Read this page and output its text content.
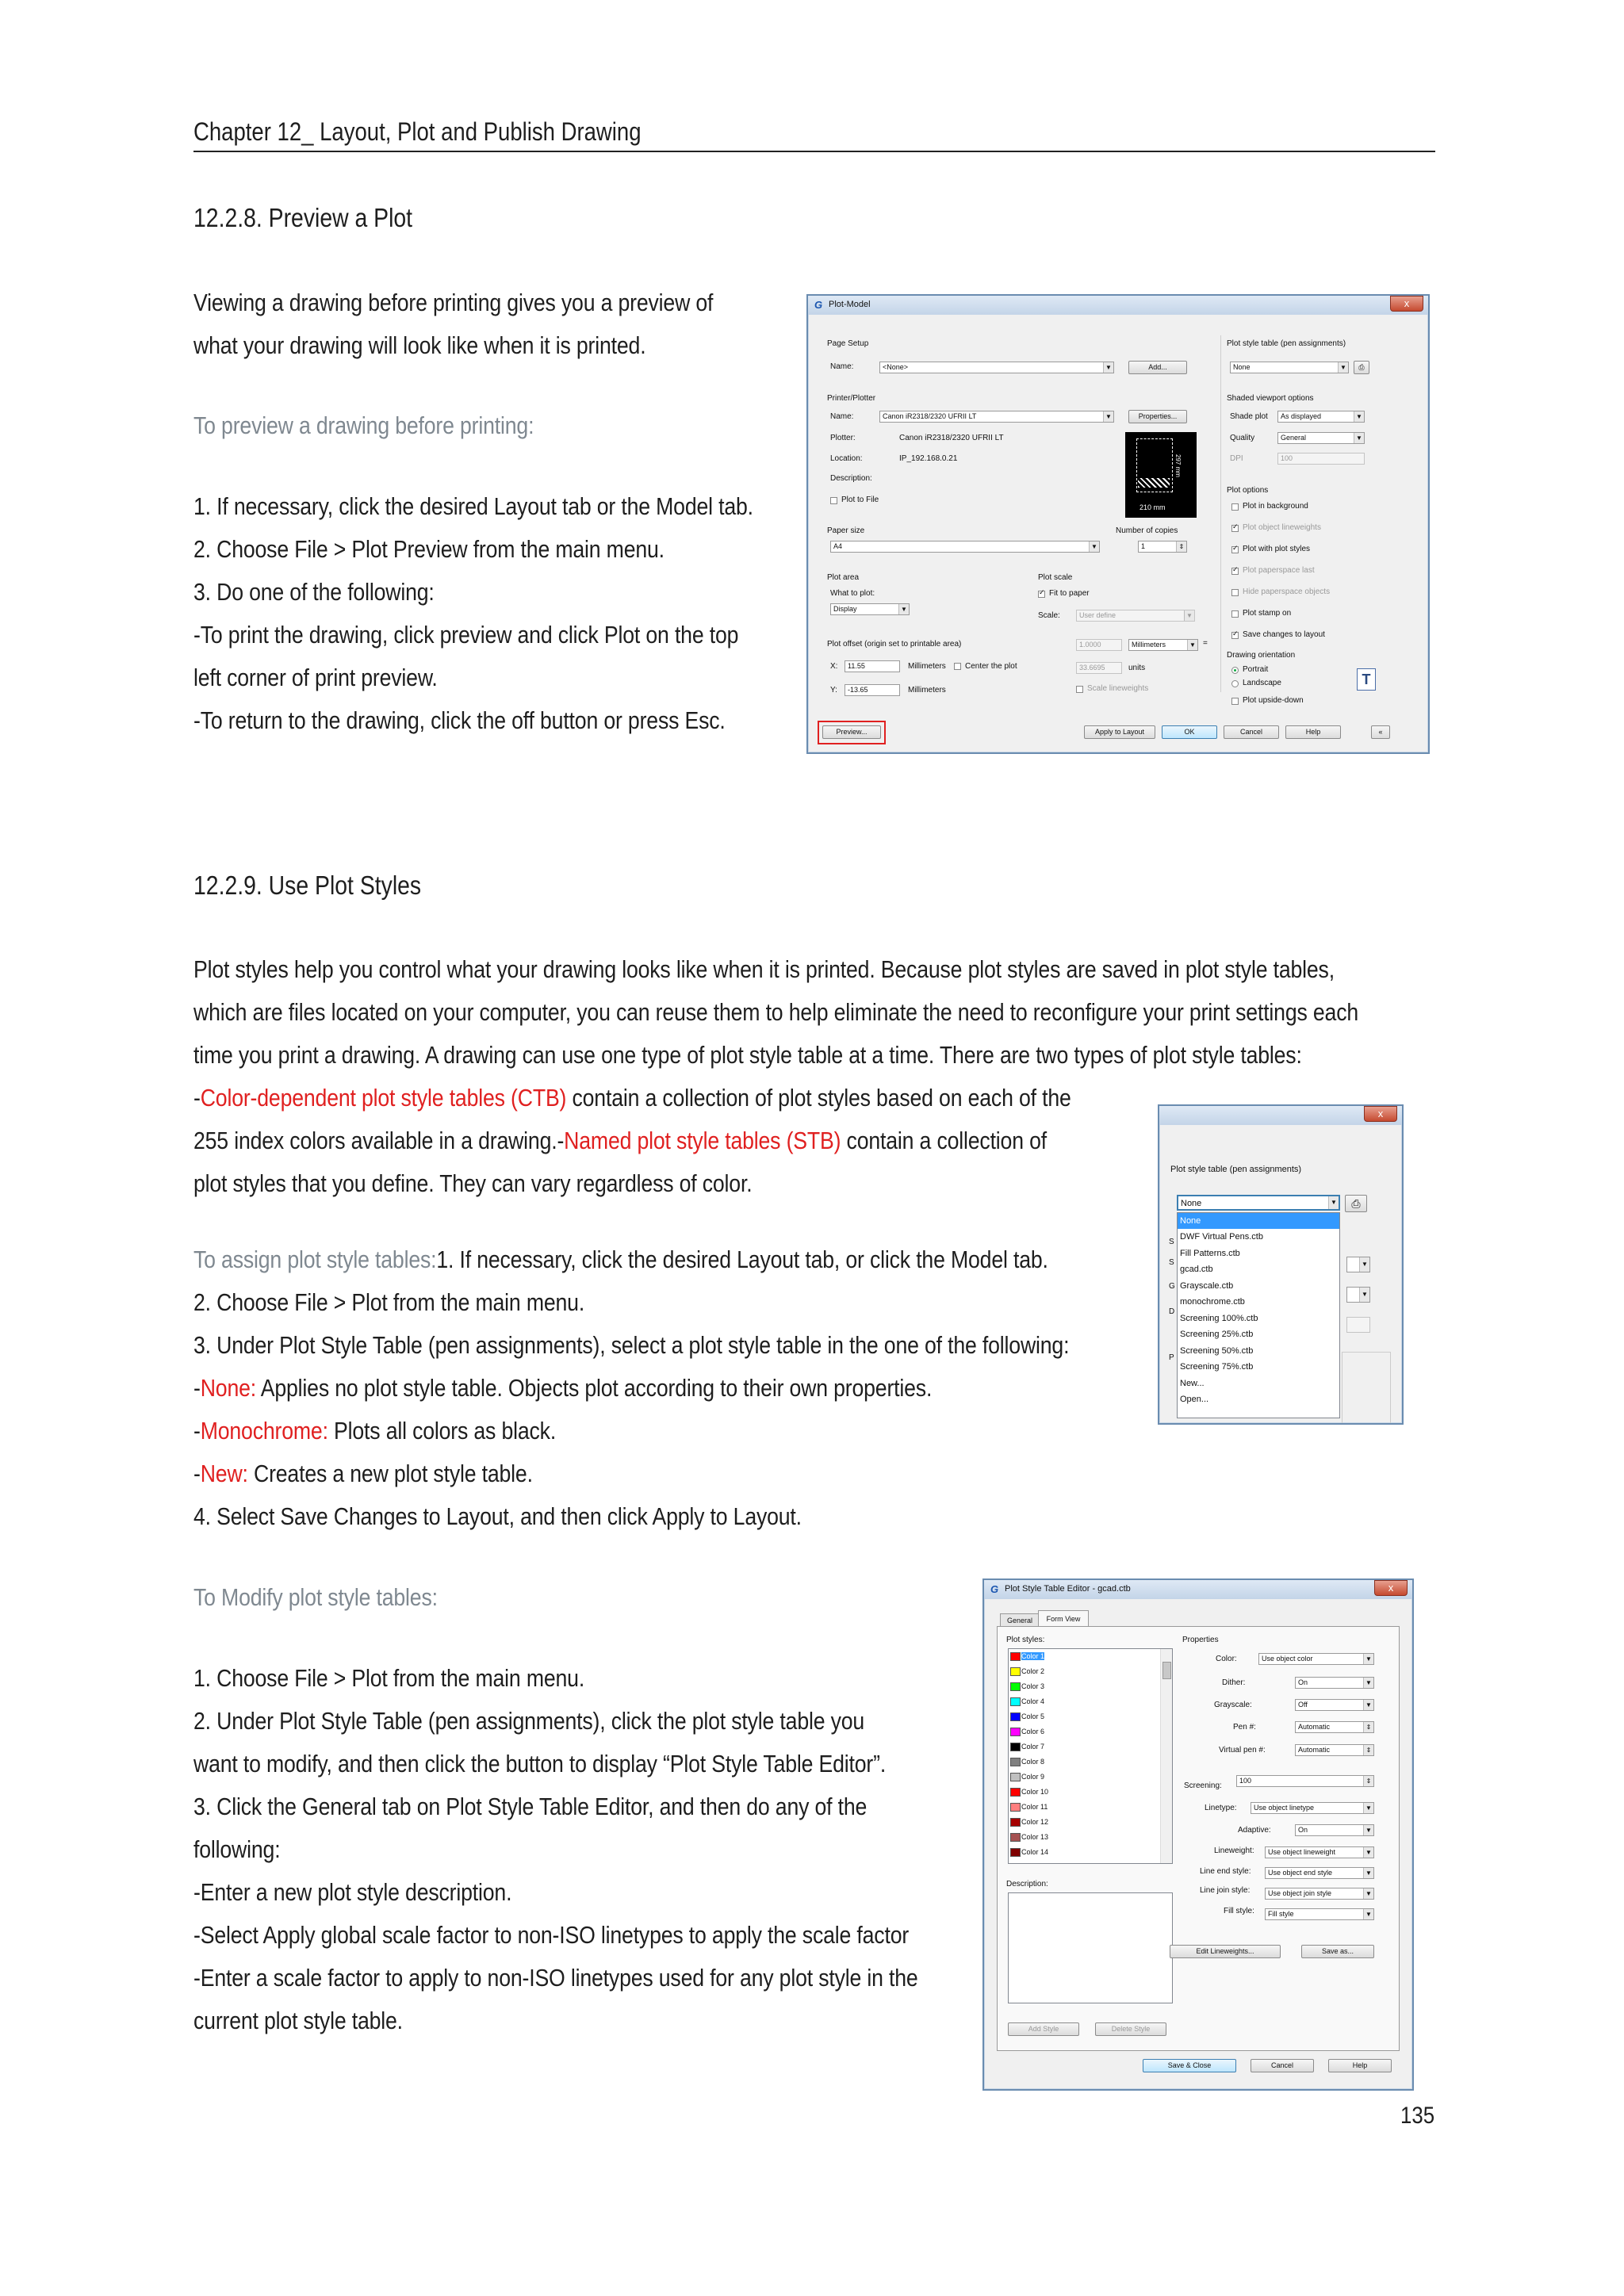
Chapter 12_ Layout, Plot and Publish Drawing
12.2.8. Preview a Plot
Viewing a drawing before printing gives you a preview of
what your drawing will look like when it is printed.
To preview a drawing before printing:
1. If necessary, click the desired Layout tab or the Model tab.
2. Choose File > Plot Preview from the main menu.
3. Do one of the following:
-To print the drawing, click preview and click Plot on the top
left corner of print preview.
-To return to the drawing, click the off button or press Esc.
G Plot-Model	x
Page Setup
Name:	<None>	▼	Add...
Printer/Plotter
Name:	Canon iR2318/2320 UFRII LT	▼	Properties...
Plotter:	Canon iR2318/2320 UFRII LT
Location:	IP_192.168.0.21
Description:
Plot to File
210 mm
297 mm
Paper size
A4	▼
Number of copies
1	⇕
Plot area
What to plot:
Display	▼
Plot scale
✓
Fit to paper
Scale:	User define	▼
1.0000	Millimeters	▼ =
33.6695	units
Scale lineweights
Plot offset (origin set to printable area)
X:	11.55	Millimeters Center the plot
Y:	-13.65	Millimeters
Plot style table (pen assignments)
None	▼	⎙
Shaded viewport options
Shade plot	As displayed	▼
Quality	General	▼
DPI	100
Plot options
Plot in background
✓
Plot object lineweights
✓
Plot with plot styles
✓
Plot paperspace last
Hide paperspace objects
Plot stamp on
✓
Save changes to layout
Drawing orientation
Portrait
Landscape
Plot upside-down
T
Preview...	Apply to Layout	OK	Cancel	Help	«
12.2.9. Use Plot Styles
Plot styles help you control what your drawing looks like when it is printed. Because plot styles are saved in plot style tables,
which are files located on your computer, you can reuse them to help eliminate the need to reconfigure your print settings each
time you print a drawing. A drawing can use one type of plot style table at a time. There are two types of plot style tables:
-Color-dependent plot style tables (CTB) contain a collection of plot styles based on each of the
255 index colors available in a drawing.-Named plot style tables (STB) contain a collection of
plot styles that you define. They can vary regardless of color.
To assign plot style tables:1. If necessary, click the desired Layout tab, or click the Model tab.
2. Choose File > Plot from the main menu.
3. Under Plot Style Table (pen assignments), select a plot style table in the one of the following:
-None: Applies no plot style table. Objects plot according to their own properties.
-Monochrome: Plots all colors as black.
-New: Creates a new plot style table.
4. Select Save Changes to Layout, and then click Apply to Layout.
x
Plot style table (pen assignments)
None	▼	⎙
S
S
G
D
P
▼
▼
None
DWF Virtual Pens.ctb
Fill Patterns.ctb
gcad.ctb
Grayscale.ctb
monochrome.ctb
Screening 100%.ctb
Screening 25%.ctb
Screening 50%.ctb
Screening 75%.ctb
New...
Open...
To Modify plot style tables:
1. Choose File > Plot from the main menu.
2. Under Plot Style Table (pen assignments), click the plot style table you
want to modify, and then click the button to display “Plot Style Table Editor”.
3. Click the General tab on Plot Style Table Editor, and then do any of the
following:
-Enter a new plot style description.
-Select Apply global scale factor to non-ISO linetypes to apply the scale factor
-Enter a scale factor to apply to non-ISO linetypes used for any plot style in the
current plot style table.
G Plot Style Table Editor - gcad.ctb	x
General	Form View
Plot styles:
Color 1
Color 2
Color 3
Color 4
Color 5
Color 6
Color 7
Color 8
Color 9
Color 10
Color 11
Color 12
Color 13
Color 14
Description:
Add Style	Delete Style
Properties
Color:	Use object color	▼
Dither:	On	▼
Grayscale:	Off	▼
Pen #:	Automatic	⇕
Virtual pen #:	Automatic	⇕
Screening:
100	⇕
Linetype:	Use object linetype	▼
Adaptive:	On	▼
Lineweight:	Use object lineweight	▼
Line end style:	Use object end style	▼
Line join style:	Use object join style	▼
Fill style:	Fill style	▼
Edit Lineweights...	Save as...
Save & Close	Cancel	Help
135
